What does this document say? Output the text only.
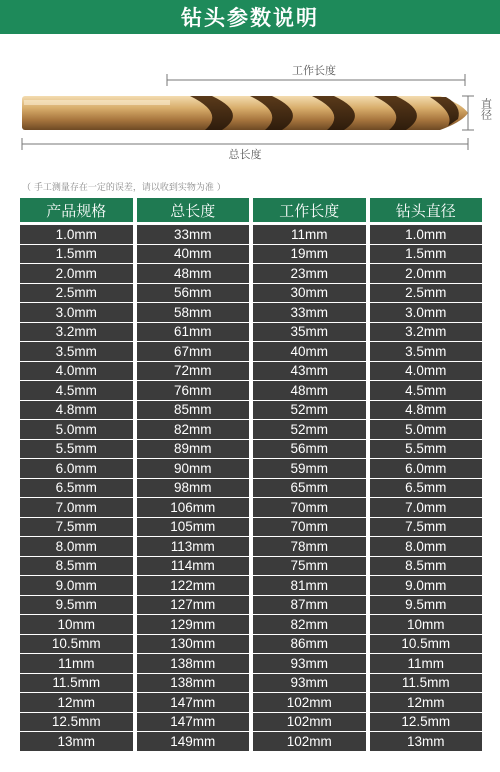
钻头参数说明
工作长度
直径
总长度
（ 手工测量存在一定的误差，请以收到实物为准 ）
产品规格	总长度	工作长度	钻头直径
1.0mm	33mm	11mm	1.0mm
1.5mm	40mm	19mm	1.5mm
2.0mm	48mm	23mm	2.0mm
2.5mm	56mm	30mm	2.5mm
3.0mm	58mm	33mm	3.0mm
3.2mm	61mm	35mm	3.2mm
3.5mm	67mm	40mm	3.5mm
4.0mm	72mm	43mm	4.0mm
4.5mm	76mm	48mm	4.5mm
4.8mm	85mm	52mm	4.8mm
5.0mm	82mm	52mm	5.0mm
5.5mm	89mm	56mm	5.5mm
6.0mm	90mm	59mm	6.0mm
6.5mm	98mm	65mm	6.5mm
7.0mm	106mm	70mm	7.0mm
7.5mm	105mm	70mm	7.5mm
8.0mm	113mm	78mm	8.0mm
8.5mm	114mm	75mm	8.5mm
9.0mm	122mm	81mm	9.0mm
9.5mm	127mm	87mm	9.5mm
10mm	129mm	82mm	10mm
10.5mm	130mm	86mm	10.5mm
11mm	138mm	93mm	11mm
11.5mm	138mm	93mm	11.5mm
12mm	147mm	102mm	12mm
12.5mm	147mm	102mm	12.5mm
13mm	149mm	102mm	13mm
